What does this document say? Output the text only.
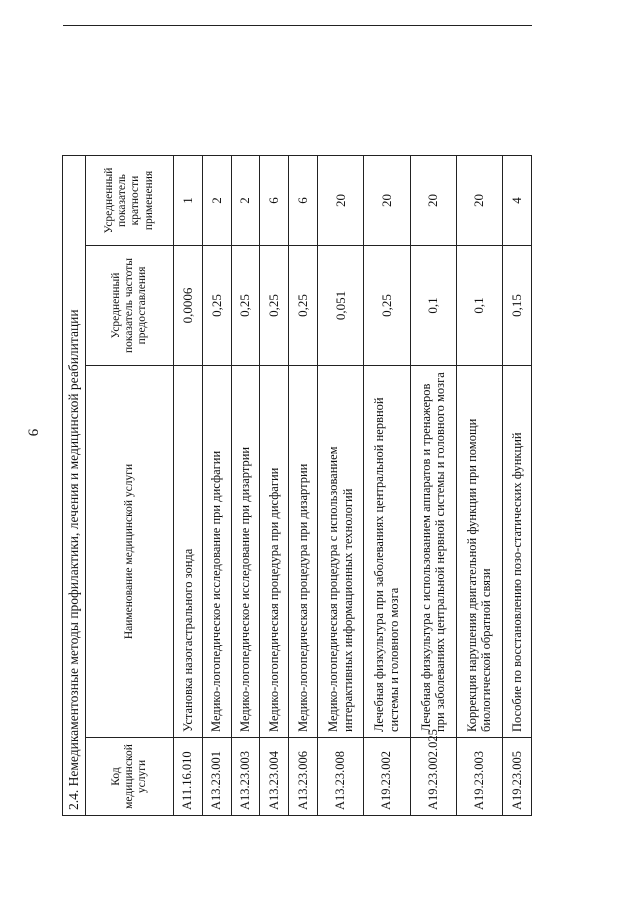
9 2.4. Немедикаментозные методы профилактики, лечения и медицинской реабилитации				
Код медицинской услуги	Наименование медицинской услуги	Усредненный показатель частоты предоставления	Усредненный показатель кратности применения	
А11.16.010	Установка назогастрального зонда	0,0006	1	
А13.23.001	Медико-логопедическое исследование при дисфагии	0,25	2	
А13.23.003	Медико-логопедическое исследование при дизартрии	0,25	2	
А13.23.004	Медико-логопедическая процедура при дисфагии	0,25	6	
А13.23.006	Медико-логопедическая процедура при дизартрии	0,25	6	
А13.23.008	Медико-логопедическая процедура с использованием интерактивных информационных технологий	0,051	20	
А19.23.002	Лечебная физкультура при заболеваниях центральной нервной системы и головного мозга	0,25	20	
А19.23.002.025	Лечебная физкультура с использованием аппаратов и тренажеров при заболеваниях центральной нервной системы и головного мозга	0,1	20	
А19.23.003	Коррекция нарушения двигательной функции при помощи биологической обратной связи	0,1	20	
А19.23.005	Пособие по восстановлению позо-статических функций	0,15	4	
